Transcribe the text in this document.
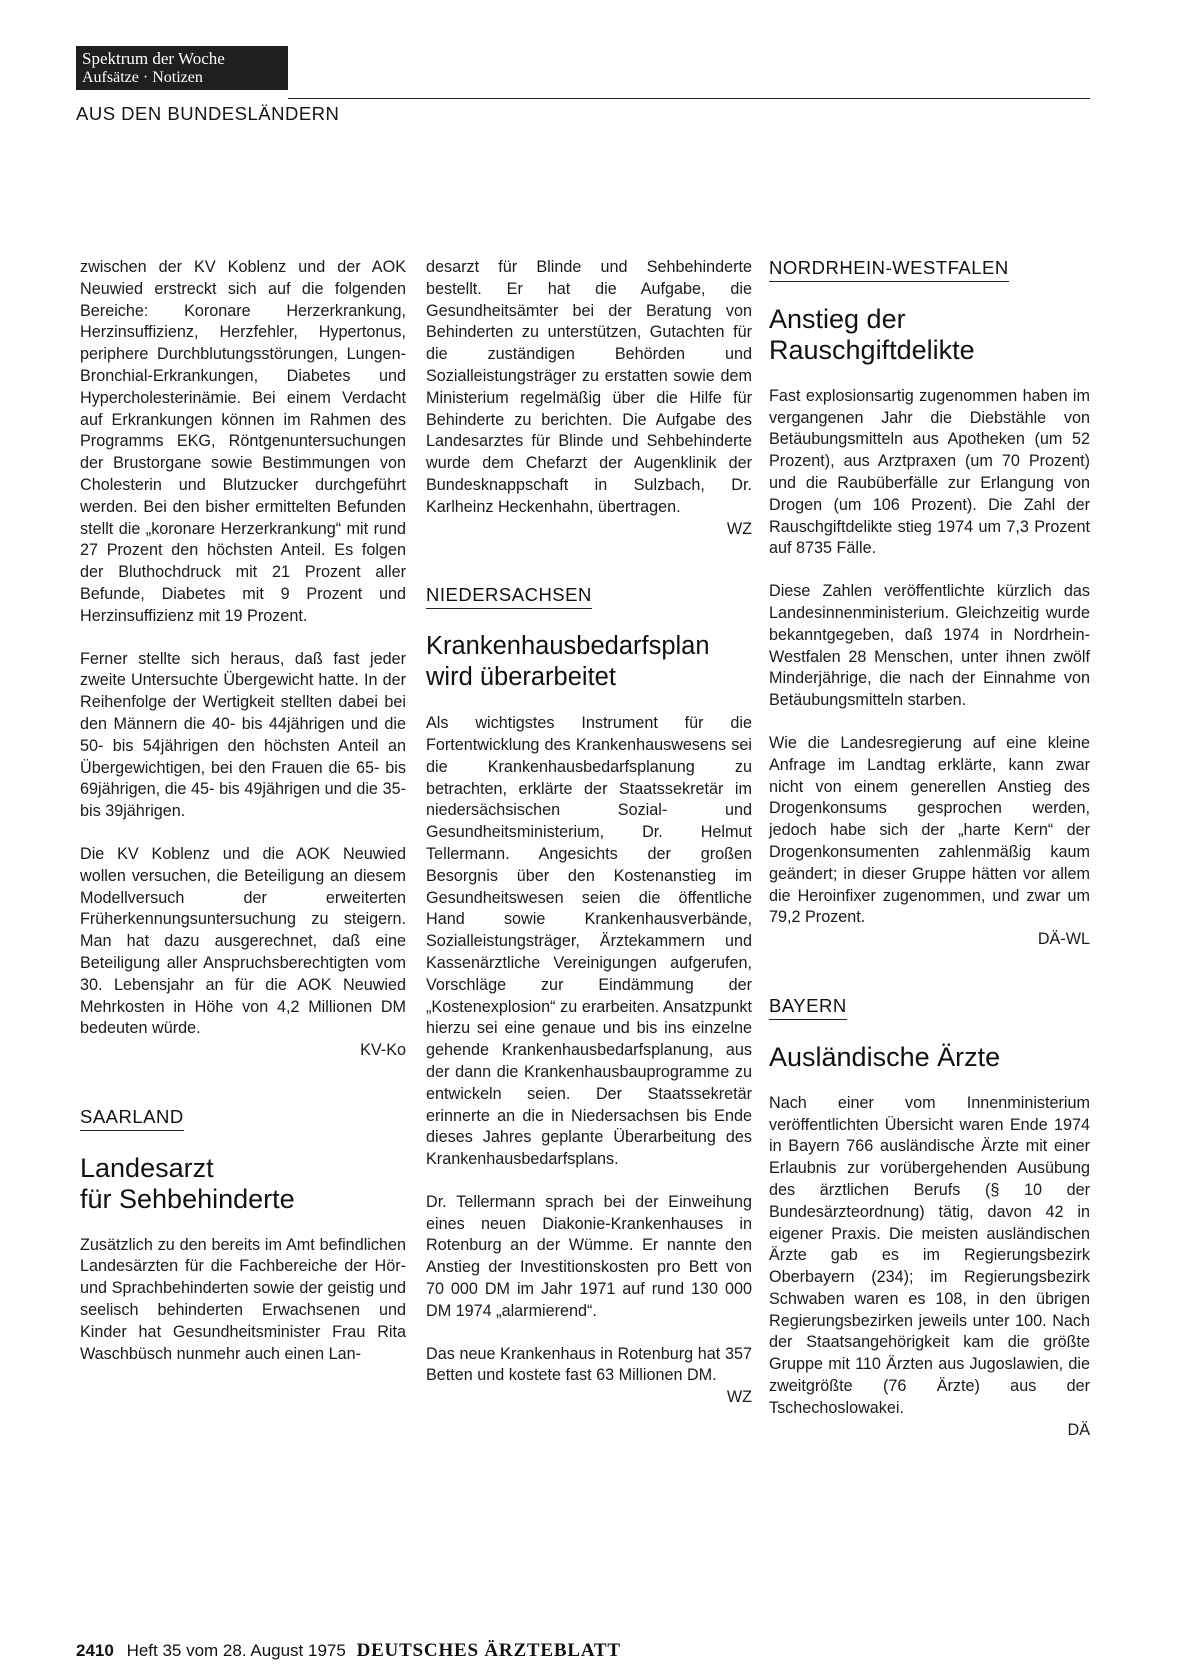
Spektrum der Woche
Aufsätze · Notizen
AUS DEN BUNDESLÄNDERN

zwischen der KV Koblenz und der AOK Neuwied erstreckt sich auf die folgenden Bereiche: Koronare Herzerkrankung, Herzinsuffizienz, Herzfehler, Hypertonus, periphere Durchblutungsstörungen, Lungen-Bronchial-Erkrankungen, Diabetes und Hypercholesterinämie. Bei einem Verdacht auf Erkrankungen können im Rahmen des Programms EKG, Röntgenuntersuchungen der Brustorgane sowie Bestimmungen von Cholesterin und Blutzucker durchgeführt werden. Bei den bisher ermittelten Befunden stellt die „koronare Herzerkrankung“ mit rund 27 Prozent den höchsten Anteil. Es folgen der Bluthochdruck mit 21 Prozent aller Befunde, Diabetes mit 9 Prozent und Herzinsuffizienz mit 19 Prozent.

Ferner stellte sich heraus, daß fast jeder zweite Untersuchte Übergewicht hatte. In der Reihenfolge der Wertigkeit stellten dabei bei den Männern die 40- bis 44jährigen und die 50- bis 54jährigen den höchsten Anteil an Übergewichtigen, bei den Frauen die 65- bis 69jährigen, die 45- bis 49jährigen und die 35- bis 39jährigen.

Die KV Koblenz und die AOK Neuwied wollen versuchen, die Beteiligung an diesem Modellversuch der erweiterten Früherkennungsuntersuchung zu steigern. Man hat dazu ausgerechnet, daß eine Beteiligung aller Anspruchsberechtigten vom 30. Lebensjahr an für die AOK Neuwied Mehrkosten in Höhe von 4,2 Millionen DM bedeuten würde.

KV-Ko
SAARLAND
Landesarzt
für Sehbehinderte

Zusätzlich zu den bereits im Amt befindlichen Landesärzten für die Fachbereiche der Hör- und Sprachbehinderten sowie der geistig und seelisch behinderten Erwachsenen und Kinder hat Gesundheitsminister Frau Rita Waschbüsch nunmehr auch einen Lan-

desarzt für Blinde und Sehbehinderte bestellt. Er hat die Aufgabe, die Gesundheitsämter bei der Beratung von Behinderten zu unterstützen, Gutachten für die zuständigen Behörden und Sozialleistungsträger zu erstatten sowie dem Ministerium regelmäßig über die Hilfe für Behinderte zu berichten. Die Aufgabe des Landesarztes für Blinde und Sehbehinderte wurde dem Chefarzt der Augenklinik der Bundesknappschaft in Sulzbach, Dr. Karlheinz Heckenhahn, übertragen.

WZ
NIEDERSACHSEN
Krankenhausbedarfsplan
wird überarbeitet

Als wichtigstes Instrument für die Fortentwicklung des Krankenhauswesens sei die Krankenhausbedarfsplanung zu betrachten, erklärte der Staatssekretär im niedersächsischen Sozial- und Gesundheitsministerium, Dr. Helmut Tellermann. Angesichts der großen Besorgnis über den Kostenanstieg im Gesundheitswesen seien die öffentliche Hand sowie Krankenhausverbände, Sozialleistungsträger, Ärztekammern und Kassenärztliche Vereinigungen aufgerufen, Vorschläge zur Eindämmung der „Kostenexplosion“ zu erarbeiten. Ansatzpunkt hierzu sei eine genaue und bis ins einzelne gehende Krankenhausbedarfsplanung, aus der dann die Krankenhausbauprogramme zu entwickeln seien. Der Staatssekretär erinnerte an die in Niedersachsen bis Ende dieses Jahres geplante Überarbeitung des Krankenhausbedarfsplans.

Dr. Tellermann sprach bei der Einweihung eines neuen Diakonie-Krankenhauses in Rotenburg an der Wümme. Er nannte den Anstieg der Investitionskosten pro Bett von 70 000 DM im Jahr 1971 auf rund 130 000 DM 1974 „alarmierend“.

Das neue Krankenhaus in Rotenburg hat 357 Betten und kostete fast 63 Millionen DM.

WZ
NORDRHEIN-WESTFALEN
Anstieg der
Rauschgiftdelikte

Fast explosionsartig zugenommen haben im vergangenen Jahr die Diebstähle von Betäubungsmitteln aus Apotheken (um 52 Prozent), aus Arztpraxen (um 70 Prozent) und die Raubüberfälle zur Erlangung von Drogen (um 106 Prozent). Die Zahl der Rauschgiftdelikte stieg 1974 um 7,3 Prozent auf 8735 Fälle.

Diese Zahlen veröffentlichte kürzlich das Landesinnenministerium. Gleichzeitig wurde bekanntgegeben, daß 1974 in Nordrhein-Westfalen 28 Menschen, unter ihnen zwölf Minderjährige, die nach der Einnahme von Betäubungsmitteln starben.

Wie die Landesregierung auf eine kleine Anfrage im Landtag erklärte, kann zwar nicht von einem generellen Anstieg des Drogenkonsums gesprochen werden, jedoch habe sich der „harte Kern“ der Drogenkonsumenten zahlenmäßig kaum geändert; in dieser Gruppe hätten vor allem die Heroinfixer zugenommen, und zwar um 79,2 Prozent.

DÄ-WL
BAYERN
Ausländische Ärzte

Nach einer vom Innenministerium veröffentlichten Übersicht waren Ende 1974 in Bayern 766 ausländische Ärzte mit einer Erlaubnis zur vorübergehenden Ausübung des ärztlichen Berufs (§ 10 der Bundesärzteordnung) tätig, davon 42 in eigener Praxis. Die meisten ausländischen Ärzte gab es im Regierungsbezirk Oberbayern (234); im Regierungsbezirk Schwaben waren es 108, in den übrigen Regierungsbezirken jeweils unter 100. Nach der Staatsangehörigkeit kam die größte Gruppe mit 110 Ärzten aus Jugoslawien, die zweitgrößte (76 Ärzte) aus der Tschechoslowakei.

DÄ
2410 Heft 35 vom 28. August 1975 DEUTSCHES ÄRZTEBLATT
